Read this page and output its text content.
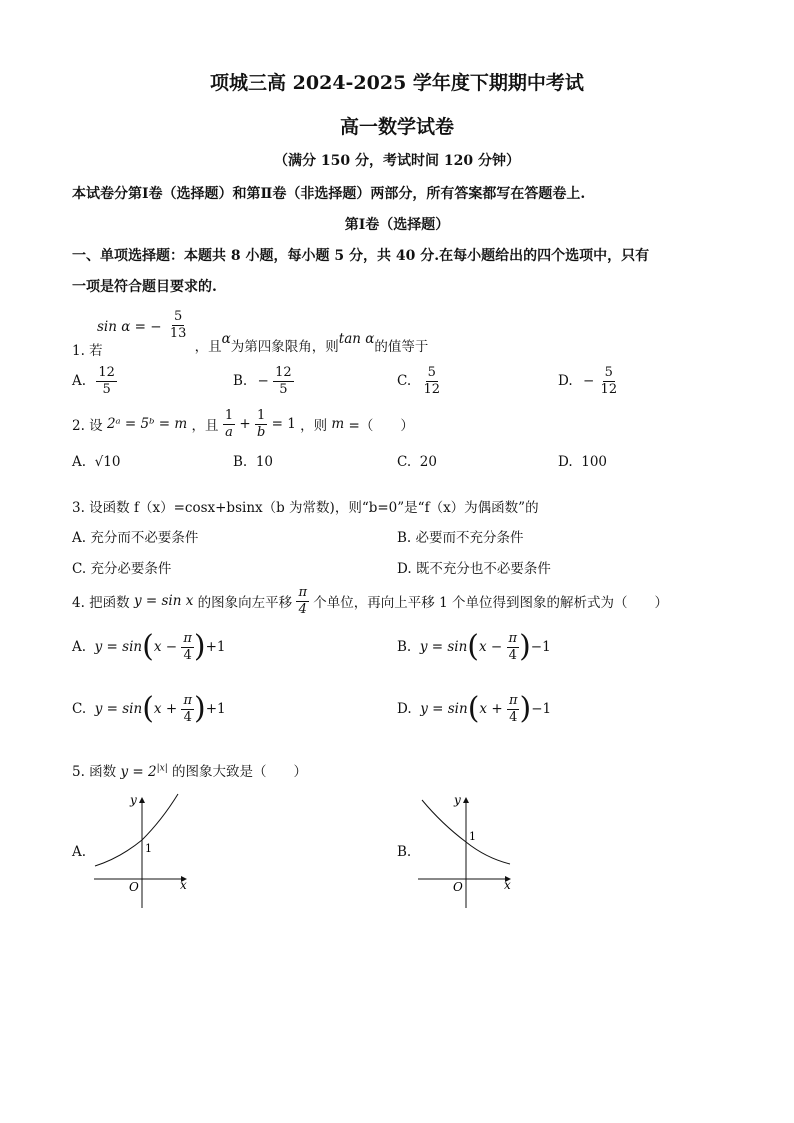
项城三高 2024-2025 学年度下期期中考试
高一数学试卷
（满分 150 分，考试时间 120 分钟）
本试卷分第Ⅰ卷（选择题）和第Ⅱ卷（非选择题）两部分，所有答案都写在答题卷上.
第Ⅰ卷（选择题）
一、单项选择题：本题共 8 小题，每小题 5 分，共 40 分.在每小题给出的四个选项中，只有
一项是符合题目要求的.
1. 若 sin α = − $\frac{5}{13}$
，且α为第四象限角，则tan α的值等于
A. $\frac{12}{5}$	B. − $\frac{12}{5}$	C. $\frac{5}{12}$	D. − $\frac{5}{12}$
2. 设 2ᵃ = 5ᵇ = m ，且 $\frac{1}{a} + \frac{1}{b} = 1$ ，则 m =（　　）
A. √10	B. 10	C. 20	D. 100
3. 设函数 f（x）=cosx+bsinx（b 为常数)，则“b=0”是“f（x）为偶函数”的
A. 充分而不必要条件	B. 必要而不充分条件
C. 充分必要条件	D. 既不充分也不必要条件
4. 把函数 y = sin x 的图象向左平移 $\frac{\pi}{4}$ 个单位，再向上平移 1 个单位得到图象的解析式为（　　）
A. $y = \sin(x - \frac{\pi}{4} )+1$	B. $y = \sin(x - \frac{\pi}{4} )-1$
C. $y = \sin(x + \frac{\pi}{4} )+1$	D. $y = \sin(x + \frac{\pi}{4} )-1$
5. 函数 $y = 2^{|x|}$ 的图象大致是（　　）
A.
y
x
O
1	B.
y
x
O
1
